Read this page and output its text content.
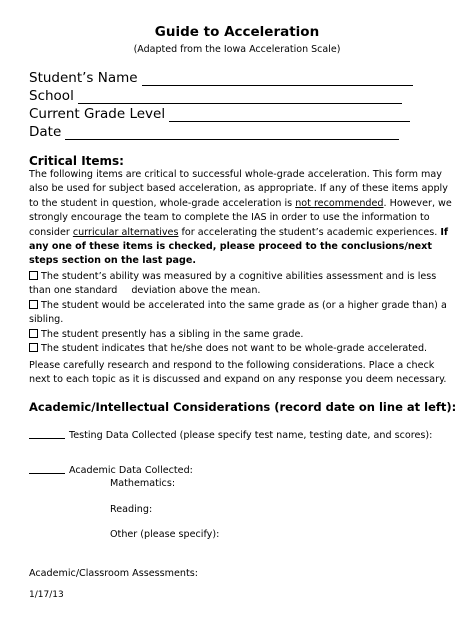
Guide to Acceleration
(Adapted from the Iowa Acceleration Scale)
Student’s Name
School
Current Grade Level
Date
Critical Items:

The following items are critical to successful whole-grade acceleration. This form may

also be used for subject based acceleration, as appropriate. If any of these items apply

to the student in question, whole-grade acceleration is not recommended. However, we

strongly encourage the team to complete the IAS in order to use the information to

consider curricular alternatives for accelerating the student’s academic experiences. If

any one of these items is checked, please proceed to the conclusions/next

steps section on the last page.

The student’s ability was measured by a cognitive abilities assessment and is less

than one standard deviation above the mean.

The student would be accelerated into the same grade as (or a higher grade than) a

sibling.

The student presently has a sibling in the same grade.

The student indicates that he/she does not want to be whole-grade accelerated.

Please carefully research and respond to the following considerations. Place a check

next to each topic as it is discussed and expand on any response you deem necessary.

Academic/Intellectual Considerations (record date on line at left):
Testing Data Collected (please specify test name, testing date, and scores):
Academic Data Collected:
Mathematics:
Reading:
Other (please specify):
Academic/Classroom Assessments:
1/17/13
